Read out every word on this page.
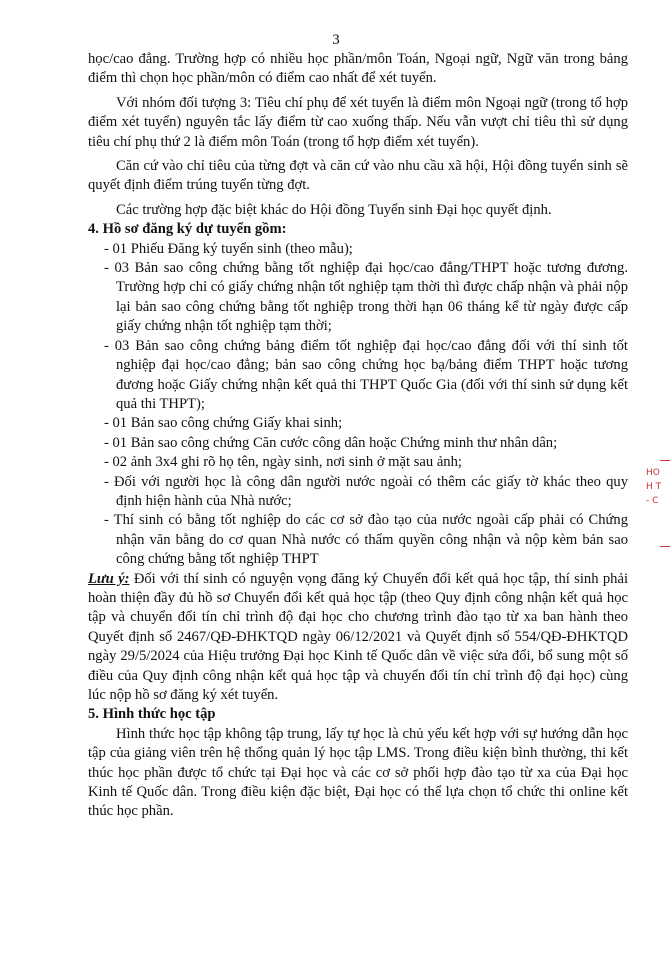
3

học/cao đẳng. Trường hợp có nhiều học phần/môn Toán, Ngoại ngữ, Ngữ văn trong bảng điểm thì chọn học phần/môn có điểm cao nhất để xét tuyển.

Với nhóm đối tượng 3: Tiêu chí phụ để xét tuyển là điểm môn Ngoại ngữ (trong tổ hợp điểm xét tuyển) nguyên tắc lấy điểm từ cao xuống thấp. Nếu vẫn vượt chỉ tiêu thì sử dụng tiêu chí phụ thứ 2 là điểm môn Toán (trong tổ hợp điểm xét tuyển).

Căn cứ vào chỉ tiêu của từng đợt và căn cứ vào nhu cầu xã hội, Hội đồng tuyển sinh sẽ quyết định điểm trúng tuyển từng đợt.

Các trường hợp đặc biệt khác do Hội đồng Tuyển sinh Đại học quyết định.

4. Hồ sơ đăng ký dự tuyển gồm:

- 01 Phiếu Đăng ký tuyển sinh (theo mẫu);

- 03 Bản sao công chứng bằng tốt nghiệp đại học/cao đẳng/THPT hoặc tương đương. Trường hợp chỉ có giấy chứng nhận tốt nghiệp tạm thời thì được chấp nhận và phải nộp lại bản sao công chứng bằng tốt nghiệp trong thời hạn 06 tháng kể từ ngày được cấp giấy chứng nhận tốt nghiệp tạm thời;

- 03 Bản sao công chứng bảng điểm tốt nghiệp đại học/cao đẳng đối với thí sinh tốt nghiệp đại học/cao đẳng; bản sao công chứng học bạ/bảng điểm THPT hoặc tương đương hoặc Giấy chứng nhận kết quả thi THPT Quốc Gia (đối với thí sinh sử dụng kết quả thi THPT);

- 01 Bản sao công chứng Giấy khai sinh;

- 01 Bản sao công chứng Căn cước công dân hoặc Chứng minh thư nhân dân;

- 02 ảnh 3x4 ghi rõ họ tên, ngày sinh, nơi sinh ở mặt sau ảnh;

- Đối với người học là công dân người nước ngoài có thêm các giấy tờ khác theo quy định hiện hành của Nhà nước;

- Thí sinh có bằng tốt nghiệp do các cơ sở đào tạo của nước ngoài cấp phải có Chứng nhận văn bằng do cơ quan Nhà nước có thẩm quyền công nhận và nộp kèm bản sao công chứng bằng tốt nghiệp THPT

Lưu ý: Đối với thí sinh có nguyện vọng đăng ký Chuyển đổi kết quả học tập, thí sinh phải hoàn thiện đầy đủ hồ sơ Chuyển đổi kết quả học tập (theo Quy định công nhận kết quả học tập và chuyển đổi tín chỉ trình độ đại học cho chương trình đào tạo từ xa ban hành theo Quyết định số 2467/QĐ-ĐHKTQD ngày 06/12/2021 và Quyết định số 554/QĐ-ĐHKTQD ngày 29/5/2024 của Hiệu trưởng Đại học Kinh tế Quốc dân về việc sửa đổi, bổ sung một số điều của Quy định công nhận kết quả học tập và chuyển đổi tín chỉ trình độ đại học) cùng lúc nộp hồ sơ đăng ký xét tuyển.

5. Hình thức học tập

Hình thức học tập không tập trung, lấy tự học là chủ yếu kết hợp với sự hướng dẫn học tập của giảng viên trên hệ thống quản lý học tập LMS. Trong điều kiện bình thường, thi kết thúc học phần được tổ chức tại Đại học và các cơ sở phối hợp đào tạo từ xa của Đại học Kinh tế Quốc dân. Trong điều kiện đặc biệt, Đại học có thể lựa chọn tổ chức thi online kết thúc học phần.

HO
H T
- C
